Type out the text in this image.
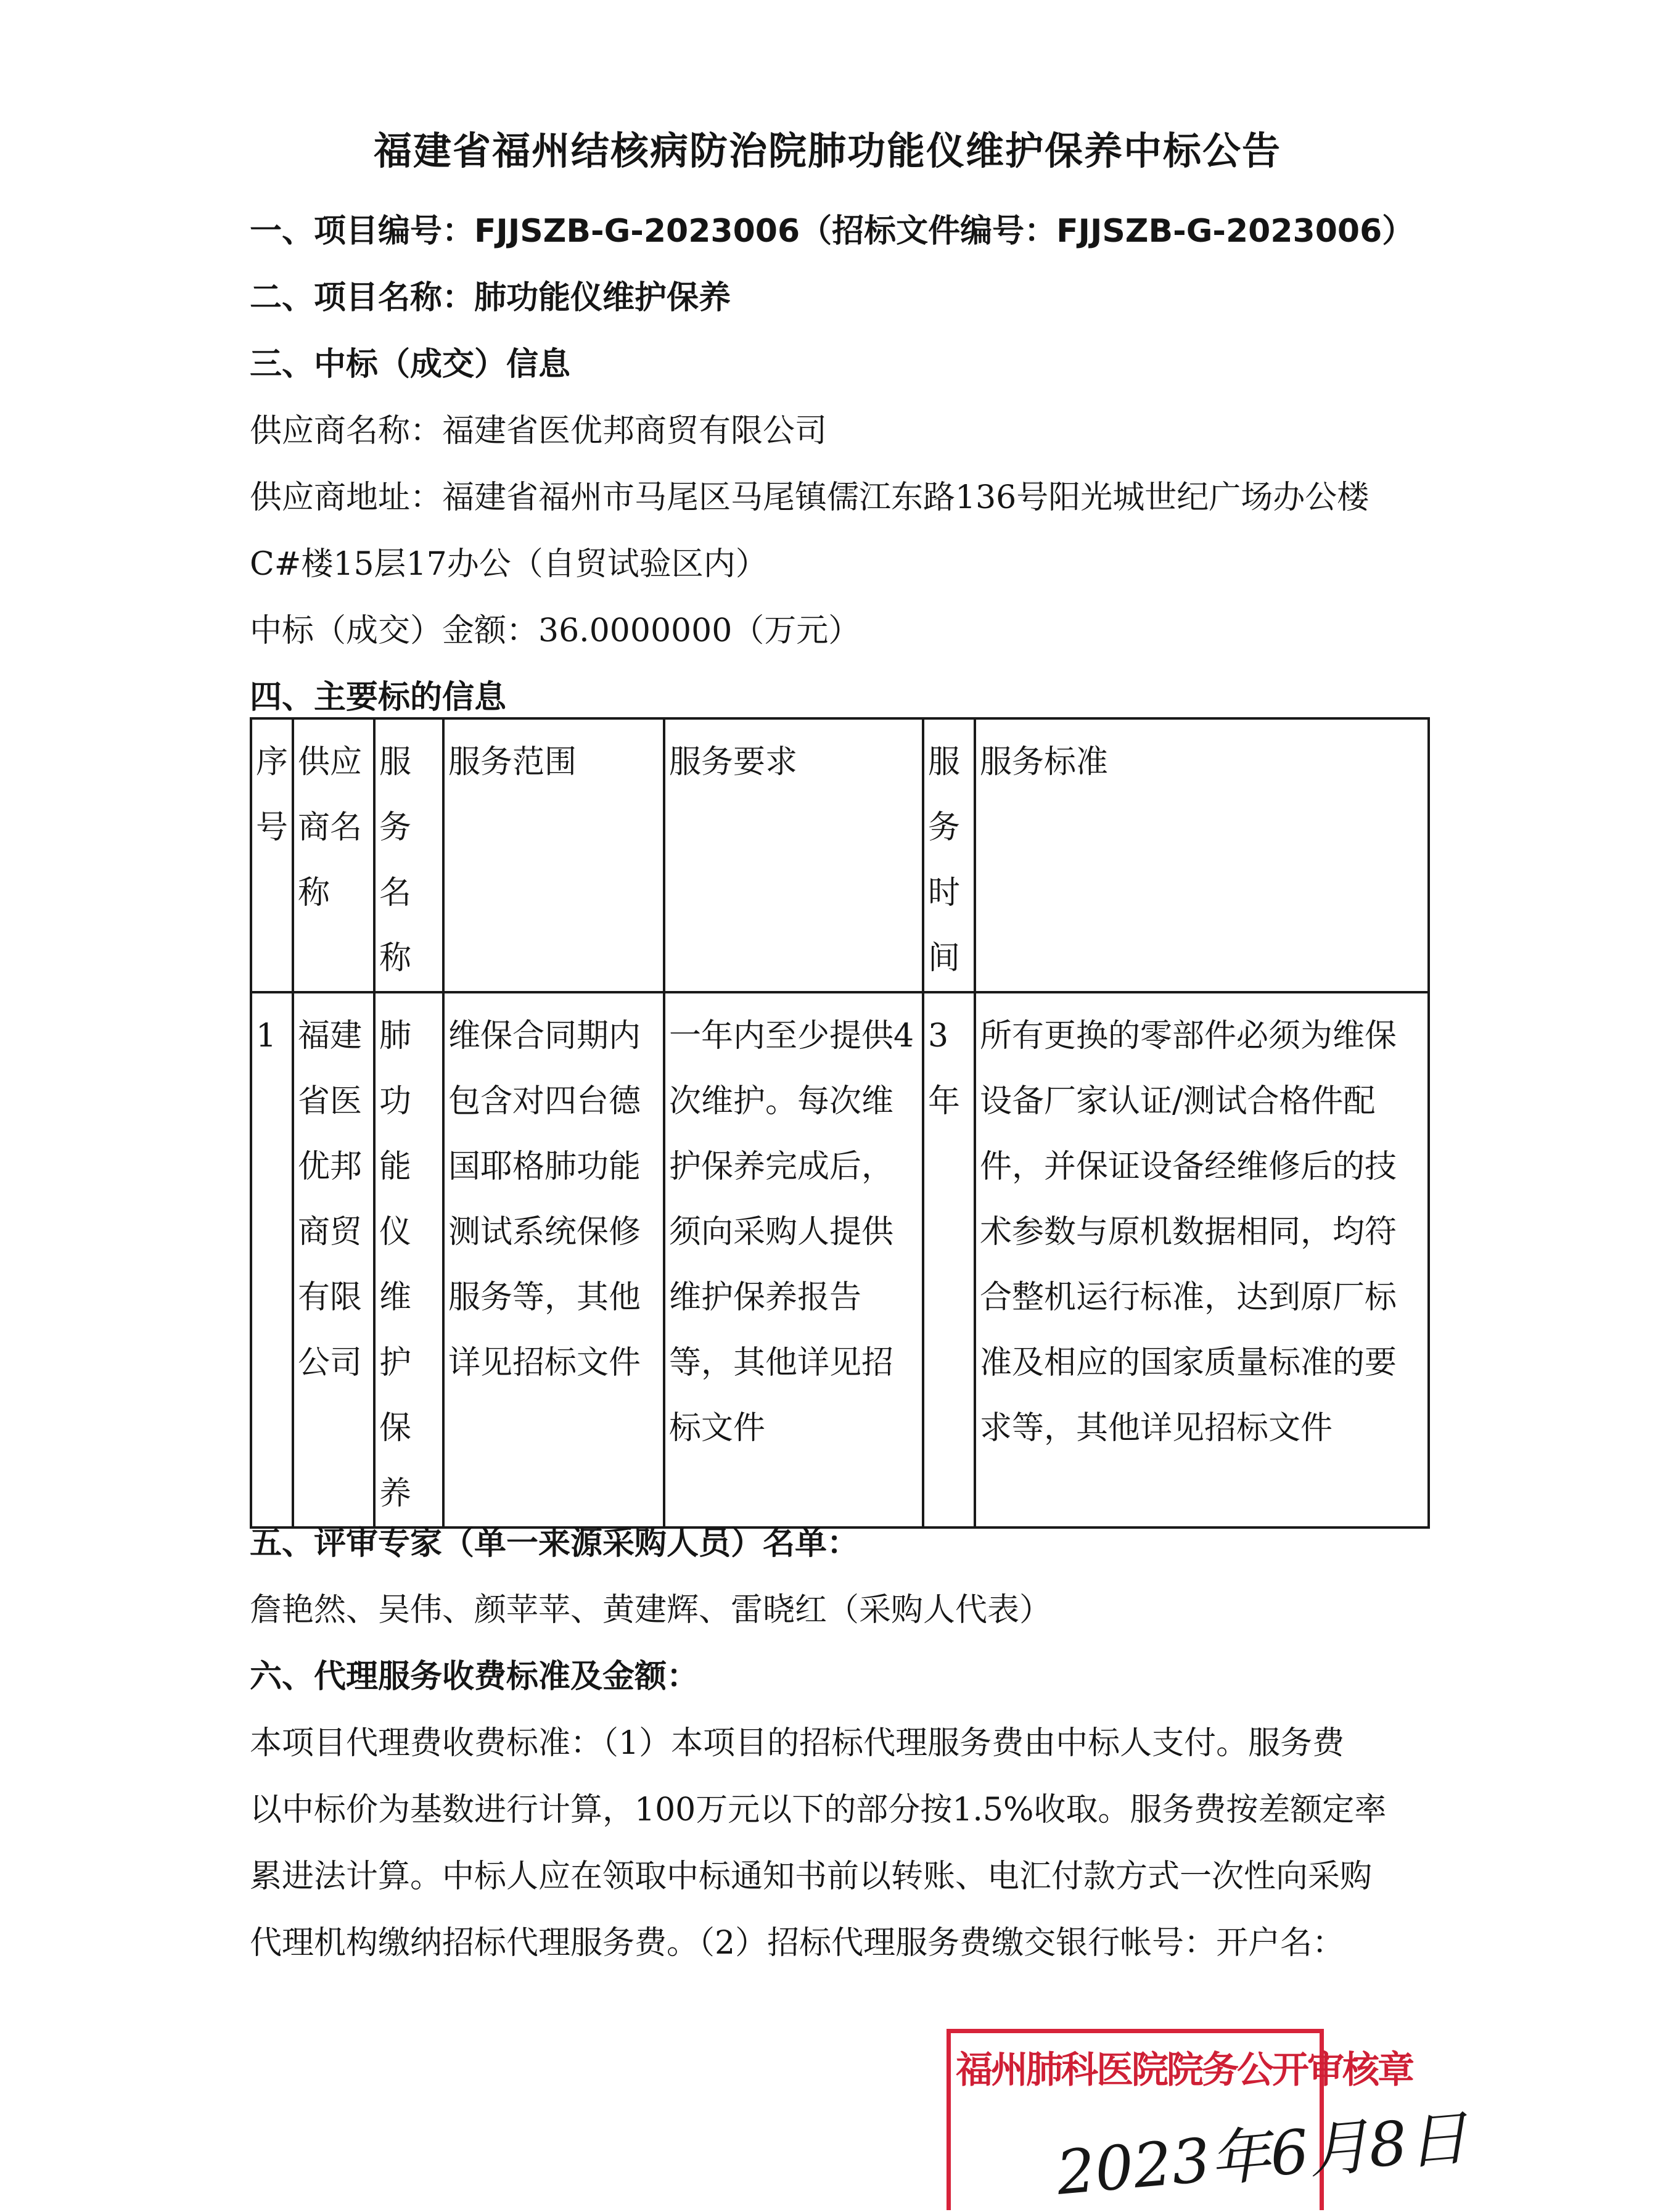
福建省福州结核病防治院肺功能仪维护保养中标公告
一、项目编号：FJJSZB-G-2023006（招标文件编号：FJJSZB-G-2023006）
二、项目名称：肺功能仪维护保养
三、中标（成交）信息
供应商名称：福建省医优邦商贸有限公司
供应商地址：福建省福州市马尾区马尾镇儒江东路136号阳光城世纪广场办公楼
C#楼15层17办公（自贸试验区内）
中标（成交）金额：36.0000000（万元）
四、主要标的信息
序号	供应商名称	服务名称	服务范围	服务要求	服务时间	服务标准
1	福建省医优邦商贸有限公司	肺功能仪维护保养	维保合同期内包含对四台德国耶格肺功能测试系统保修服务等，其他详见招标文件	一年内至少提供4次维护。每次维护保养完成后，须向采购人提供维护保养报告等，其他详见招标文件	3年	所有更换的零部件必须为维保设备厂家认证/测试合格件配件，并保证设备经维修后的技术参数与原机数据相同，均符合整机运行标准，达到原厂标准及相应的国家质量标准的要求等，其他详见招标文件
五、评审专家（单一来源采购人员）名单：
詹艳然、吴伟、颜苹苹、黄建辉、雷晓红（采购人代表）
六、代理服务收费标准及金额：
本项目代理费收费标准：（1）本项目的招标代理服务费由中标人支付。服务费
以中标价为基数进行计算，100万元以下的部分按1.5%收取。服务费按差额定率
累进法计算。中标人应在领取中标通知书前以转账、电汇付款方式一次性向采购
代理机构缴纳招标代理服务费。（2）招标代理服务费缴交银行帐号：开户名：
福州肺科医院院务公开审核章
2023年6月8日
